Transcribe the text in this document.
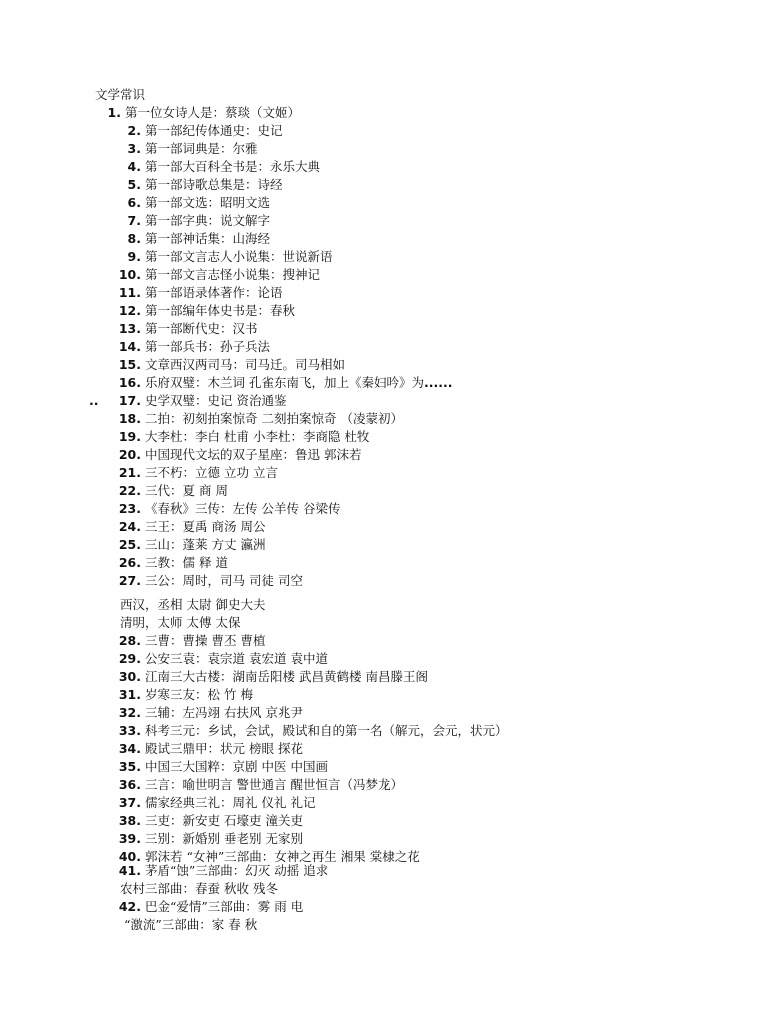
文学常识
1. 第一位女诗人是：蔡琰（文姬）
2. 第一部纪传体通史：史记
3. 第一部词典是：尔雅
4. 第一部大百科全书是：永乐大典
5. 第一部诗歌总集是：诗经
6. 第一部文选：昭明文选
7. 第一部字典：说文解字
8. 第一部神话集：山海经
9. 第一部文言志人小说集：世说新语
10. 第一部文言志怪小说集：搜神记
11. 第一部语录体著作：论语
12. 第一部编年体史书是：春秋
13. 第一部断代史：汉书
14. 第一部兵书：孙子兵法
15. 文章西汉两司马：司马迁。司马相如
16. 乐府双璧：木兰词 孔雀东南飞，加上《秦妇吟》为......
.. 17. 史学双璧：史记 资治通鉴
18. 二拍：初刻拍案惊奇 二刻拍案惊奇 （凌蒙初）
19. 大李杜：李白 杜甫 小李杜：李商隐 杜牧
20. 中国现代文坛的双子星座：鲁迅 郭沫若
21. 三不朽：立德 立功 立言
22. 三代：夏 商 周
23. 《春秋》三传：左传 公羊传 谷梁传
24. 三王：夏禹 商汤 周公
25. 三山：蓬莱 方丈 瀛洲
26. 三教：儒 释 道
27. 三公：周时，司马 司徒 司空
28. 三曹：曹操 曹丕 曹植
29. 公安三袁：袁宗道 袁宏道 袁中道
30. 江南三大古楼：湖南岳阳楼 武昌黄鹤楼 南昌滕王阁
31. 岁寒三友：松 竹 梅
32. 三辅：左冯翊 右扶风 京兆尹
33. 科考三元：乡试，会试，殿试和自的第一名（解元，会元，状元）
34. 殿试三鼎甲：状元 榜眼 探花
35. 中国三大国粹：京剧 中医 中国画
36. 三言：喻世明言 警世通言 醒世恒言（冯梦龙）
37. 儒家经典三礼：周礼 仪礼 礼记
38. 三吏：新安吏 石壕吏 潼关吏
39. 三别：新婚别 垂老别 无家别
40. 郭沫若 “女神”三部曲：女神之再生 湘果 棠棣之花
41. 茅盾“蚀”三部曲：幻灭 动摇 追求
42. 巴金“爱情”三部曲：雾 雨 电
西汉，丞相 太尉 御史大夫
清明，太师 太傅 太保
农村三部曲：春蚕 秋收 残冬
“激流”三部曲：家 春 秋
